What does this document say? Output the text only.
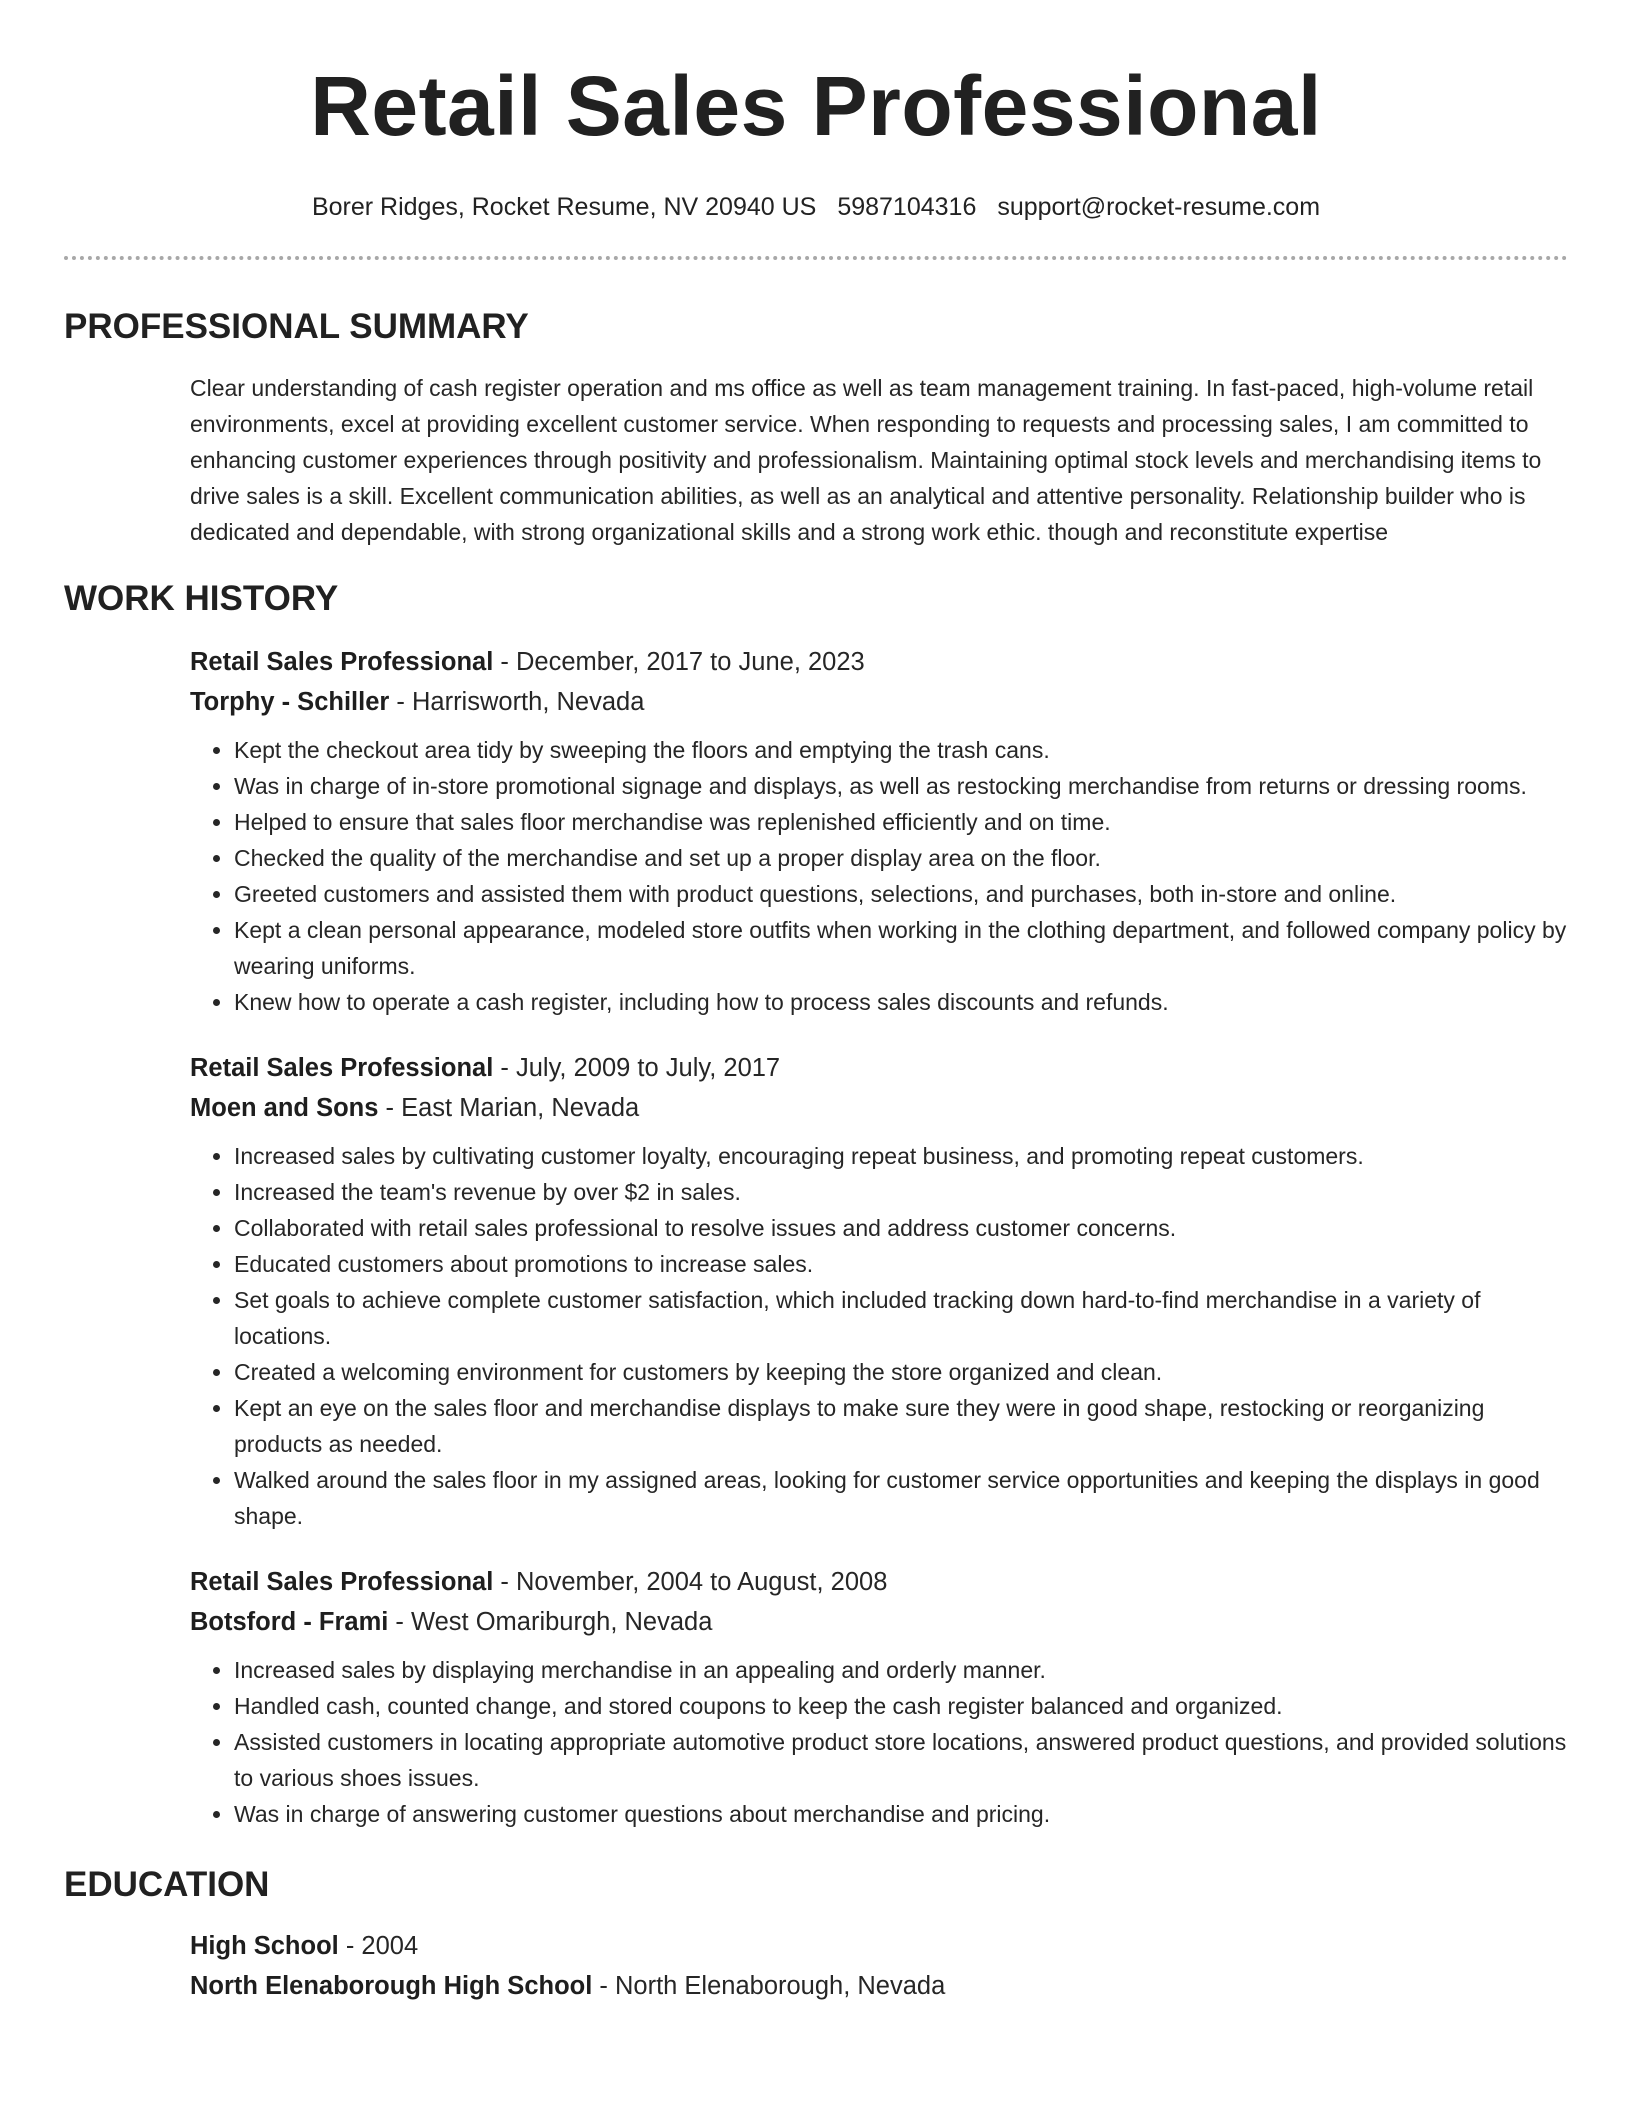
Retail Sales Professional
Borer Ridges, Rocket Resume, NV 20940 US 5987104316 support@rocket-resume.com
PROFESSIONAL SUMMARY
Clear understanding of cash register operation and ms office as well as team management training. In fast-paced, high-volume retail environments, excel at providing excellent customer service. When responding to requests and processing sales, I am committed to enhancing customer experiences through positivity and professionalism. Maintaining optimal stock levels and merchandising items to drive sales is a skill. Excellent communication abilities, as well as an analytical and attentive personality. Relationship builder who is dedicated and dependable, with strong organizational skills and a strong work ethic. though and reconstitute expertise
WORK HISTORY
Retail Sales Professional - December, 2017 to June, 2023
Torphy - Schiller - Harrisworth, Nevada
• Kept the checkout area tidy by sweeping the floors and emptying the trash cans.
• Was in charge of in-store promotional signage and displays, as well as restocking merchandise from returns or dressing rooms.
• Helped to ensure that sales floor merchandise was replenished efficiently and on time.
• Checked the quality of the merchandise and set up a proper display area on the floor.
• Greeted customers and assisted them with product questions, selections, and purchases, both in-store and online.
• Kept a clean personal appearance, modeled store outfits when working in the clothing department, and followed company policy by wearing uniforms.
• Knew how to operate a cash register, including how to process sales discounts and refunds.
Retail Sales Professional - July, 2009 to July, 2017
Moen and Sons - East Marian, Nevada
• Increased sales by cultivating customer loyalty, encouraging repeat business, and promoting repeat customers.
• Increased the team's revenue by over $2 in sales.
• Collaborated with retail sales professional to resolve issues and address customer concerns.
• Educated customers about promotions to increase sales.
• Set goals to achieve complete customer satisfaction, which included tracking down hard-to-find merchandise in a variety of locations.
• Created a welcoming environment for customers by keeping the store organized and clean.
• Kept an eye on the sales floor and merchandise displays to make sure they were in good shape, restocking or reorganizing products as needed.
• Walked around the sales floor in my assigned areas, looking for customer service opportunities and keeping the displays in good shape.
Retail Sales Professional - November, 2004 to August, 2008
Botsford - Frami - West Omariburgh, Nevada
• Increased sales by displaying merchandise in an appealing and orderly manner.
• Handled cash, counted change, and stored coupons to keep the cash register balanced and organized.
• Assisted customers in locating appropriate automotive product store locations, answered product questions, and provided solutions to various shoes issues.
• Was in charge of answering customer questions about merchandise and pricing.
EDUCATION
High School - 2004
North Elenaborough High School - North Elenaborough, Nevada
